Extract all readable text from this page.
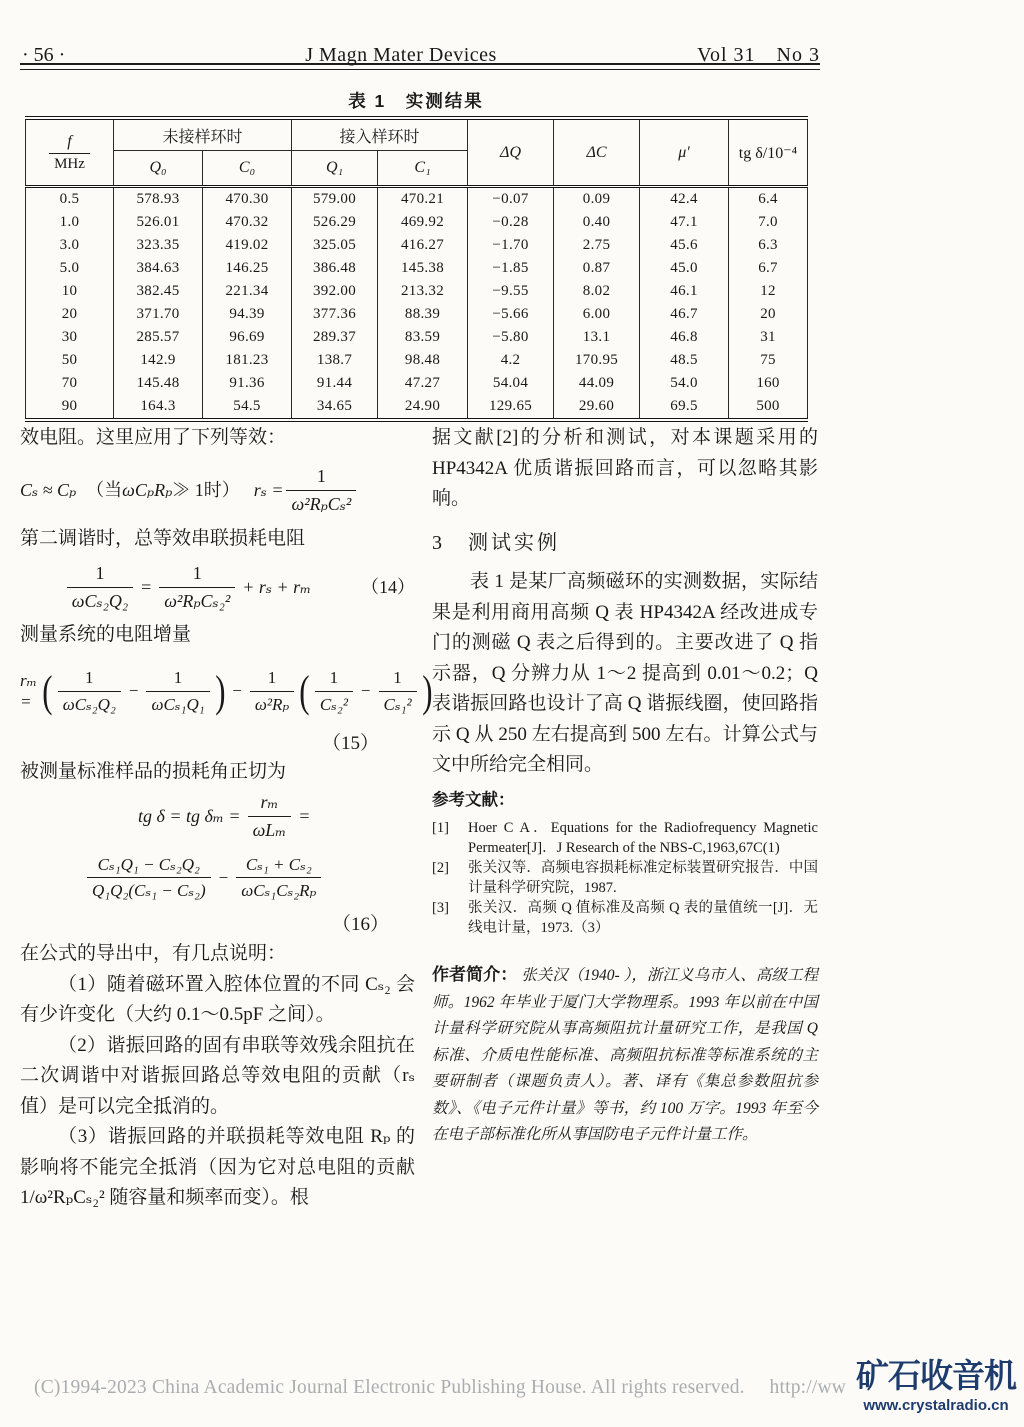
· 56 ·	J Magn Mater Devices	Vol 31　No 3
表 1　实测结果
f
MHz	未接样环时		接入样环时		ΔQ	ΔC	μ′	tg δ/10⁻⁴
	Q₀	C₀	Q₁	C₁				
0.5	578.93	470.30	579.00	470.21	−0.07	0.09	42.4	6.4
1.0	526.01	470.32	526.29	469.92	−0.28	0.40	47.1	7.0
3.0	323.35	419.02	325.05	416.27	−1.70	2.75	45.6	6.3
5.0	384.63	146.25	386.48	145.38	−1.85	0.87	45.0	6.7
10	382.45	221.34	392.00	213.32	−9.55	8.02	46.1	12
20	371.70	94.39	377.36	88.39	−5.66	6.00	46.7	20
30	285.57	96.69	289.37	83.59	−5.80	13.1	46.8	31
50	142.9	181.23	138.7	98.48	4.2	170.95	48.5	75
70	145.48	91.36	91.44	47.27	54.04	44.09	54.0	160
90	164.3	54.5	34.65	24.90	129.65	29.60	69.5	500

效电阻。这里应用了下列等效：

Cₛ ≈ Cₚ （当 ωCₚRₚ ≫ 1时） $r_s = \frac{1}{\text{ω²RₚCₛ²}}$

第二调谐时，总等效串联损耗电阻

$\frac{1}{\text{ωCₛ₂Q₂}} = \frac{1}{\text{ω²RₚCₛ₂²}} + r_s + r_m$	（14）

测量系统的电阻增量

rₘ = ( $\frac{1}{\text{ωCₛ₂Q₂}} - \frac{1}{\text{ωCₛ₁Q₁}}$ ) − $\frac{1}{\text{ω²Rₚ}}$ ( $\frac{1}{\text{Cₛ₂²}} - \frac{1}{\text{Cₛ₁²}}$ )
（15）

被测量标准样品的损耗角正切为

tg δ = tg $\delta_m = \frac{\text{rₘ}}{\text{ωLₘ}}$ =
$\frac{\text{Cₛ₁Q₁ − Cₛ₂Q₂}}{\text{Q₁Q₂(Cₛ₁ − Cₛ₂)}} - \frac{\text{Cₛ₁ + Cₛ₂}}{\text{ωCₛ₁Cₛ₂Rₚ}}$
（16）

在公式的导出中，有几点说明：

（1）随着磁环置入腔体位置的不同 Cₛ₂ 会有少许变化（大约 0.1～0.5pF 之间）。

（2）谐振回路的固有串联等效残余阻抗在二次调谐中对谐振回路总等效电阻的贡献（rₛ 值）是可以完全抵消的。

（3）谐振回路的并联损耗等效电阻 Rₚ 的影响将不能完全抵消（因为它对总电阻的贡献 1/ω²RₚCₛ₂² 随容量和频率而变）。根

据文献[2]的分析和测试，对本课题采用的 HP4342A 优质谐振回路而言，可以忽略其影响。

3　测试实例

表 1 是某厂高频磁环的实测数据，实际结果是利用商用高频 Q 表 HP4342A 经改进成专门的测磁 Q 表之后得到的。主要改进了 Q 指示器，Q 分辨力从 1～2 提高到 0.01～0.2；Q 表谐振回路也设计了高 Q 谐振线圈，使回路指示 Q 从 250 左右提高到 500 左右。计算公式与文中所给完全相同。

参考文献：

[1]	Hoer C A．Equations for the Radiofrequency Magnetic Permeater[J]．J Research of the NBS-C,1963,67C(1)
[2]	张关汉等．高频电容损耗标准定标装置研究报告．中国计量科学研究院，1987.
[3]	张关汉．高频 Q 值标准及高频 Q 表的量值统一[J]．无线电计量，1973.（3）

作者简介： 张关汉（1940- ），浙江义乌市人、高级工程师。1962 年毕业于厦门大学物理系。1993 年以前在中国计量科学研究院从事高频阻抗计量研究工作，是我国 Q 标准、介质电性能标准、高频阻抗标准等标准系统的主要研制者（课题负责人）。著、译有《集总参数阻抗参数》、《电子元件计量》等书，约 100 万字。1993 年至今在电子部标准化所从事国防电子元件计量工作。

(C)1994-2023 China Academic Journal Electronic Publishing House. All rights reserved.　 http://ww 矿石收音机
www.crystalradio.cn
